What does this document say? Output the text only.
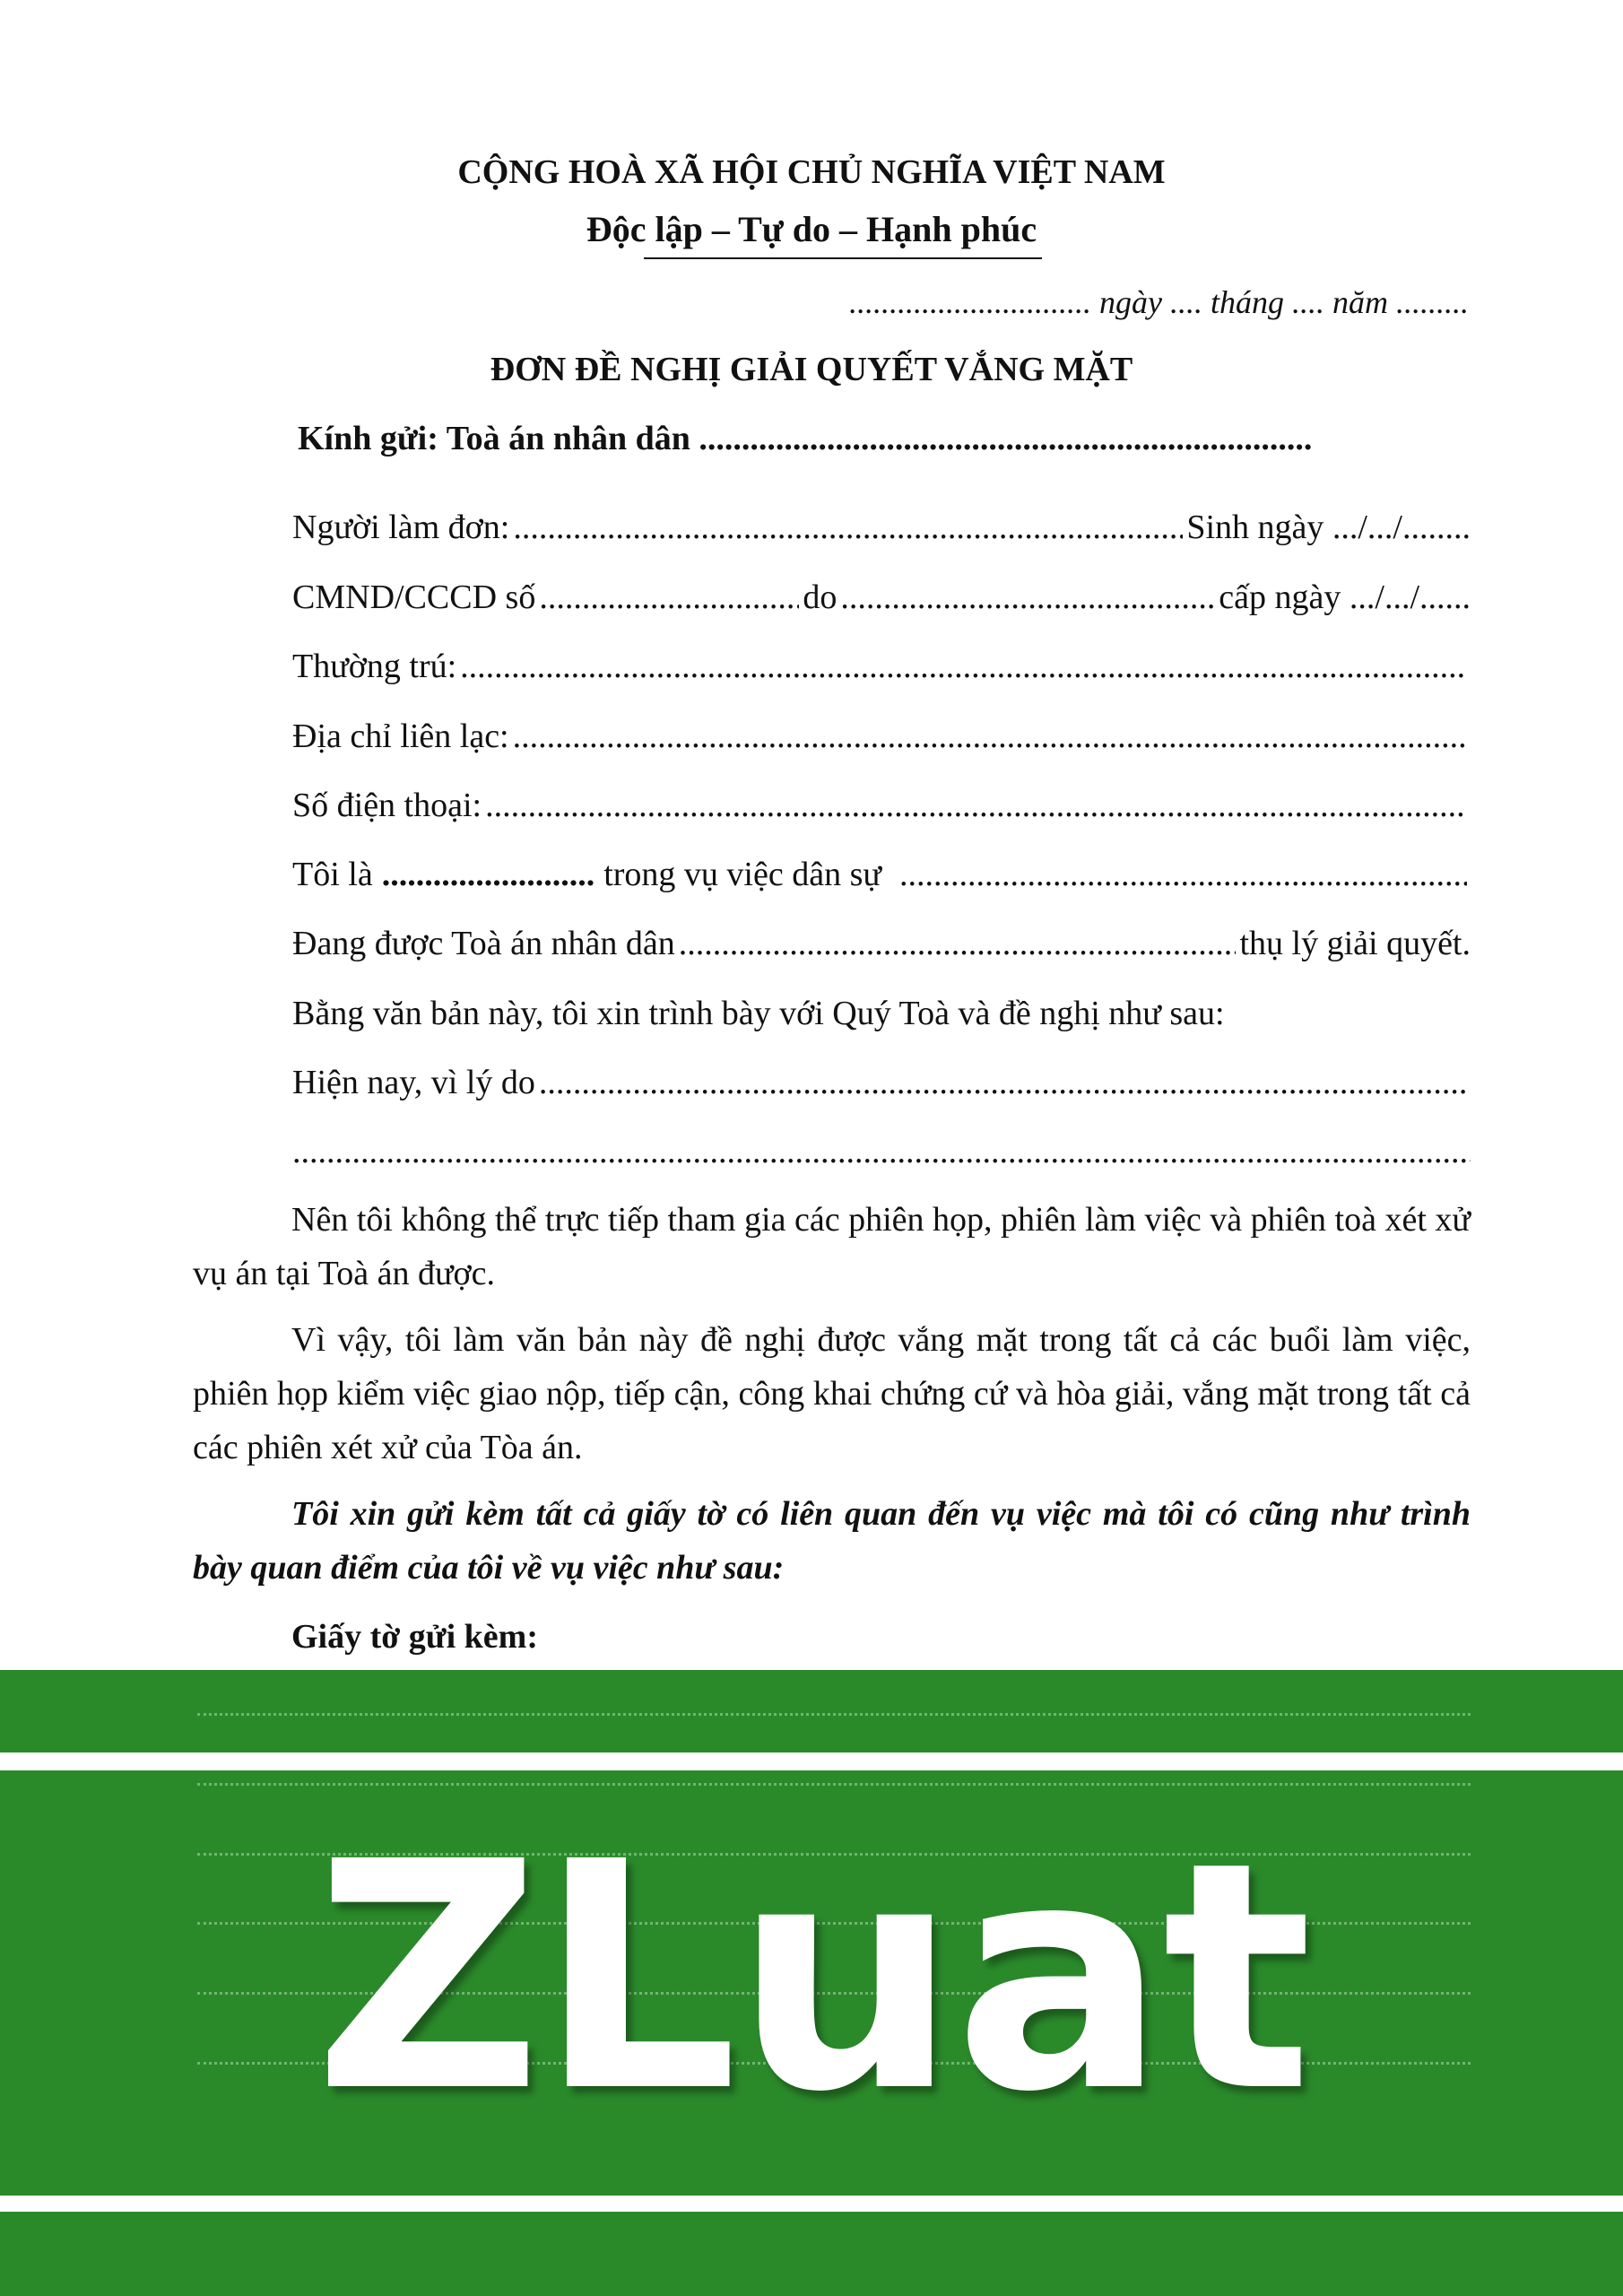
CỘNG HOÀ XÃ HỘI CHỦ NGHĨA VIỆT NAM
Độc lập – Tự do – Hạnh phúc
.............................. ngày .... tháng .... năm .........
ĐƠN ĐỀ NGHỊ GIẢI QUYẾT VẮNG MẶT
Kính gửi: Toà án nhân dân ........................................................................
Người làm đơn: .....	Sinh ngày .../.../........
CMND/CCCD số .....	do .....	cấp ngày .../.../......
Thường trú:
.....
Địa chỉ liên lạc:
.....
Số điện thoại:
.....
Tôi là ......................... trong vụ việc dân sự
.....
Đang được Toà án nhân dân .....	thụ lý giải quyết.
Bằng văn bản này, tôi xin trình bày với Quý Toà và đề nghị như sau:
Hiện nay, vì lý do
.....
.....
Nên tôi không thể trực tiếp tham gia các phiên họp, phiên làm việc và phiên toà xét xử vụ án tại Toà án được.
Vì vậy, tôi làm văn bản này đề nghị được vắng mặt trong tất cả các buổi làm việc, phiên họp kiểm việc giao nộp, tiếp cận, công khai chứng cứ và hòa giải, vắng mặt trong tất cả các phiên xét xử của Tòa án.
Tôi xin gửi kèm tất cả giấy tờ có liên quan đến vụ việc mà tôi có cũng như trình bày quan điểm của tôi về vụ việc như sau:
Giấy tờ gửi kèm:
ZLuat
